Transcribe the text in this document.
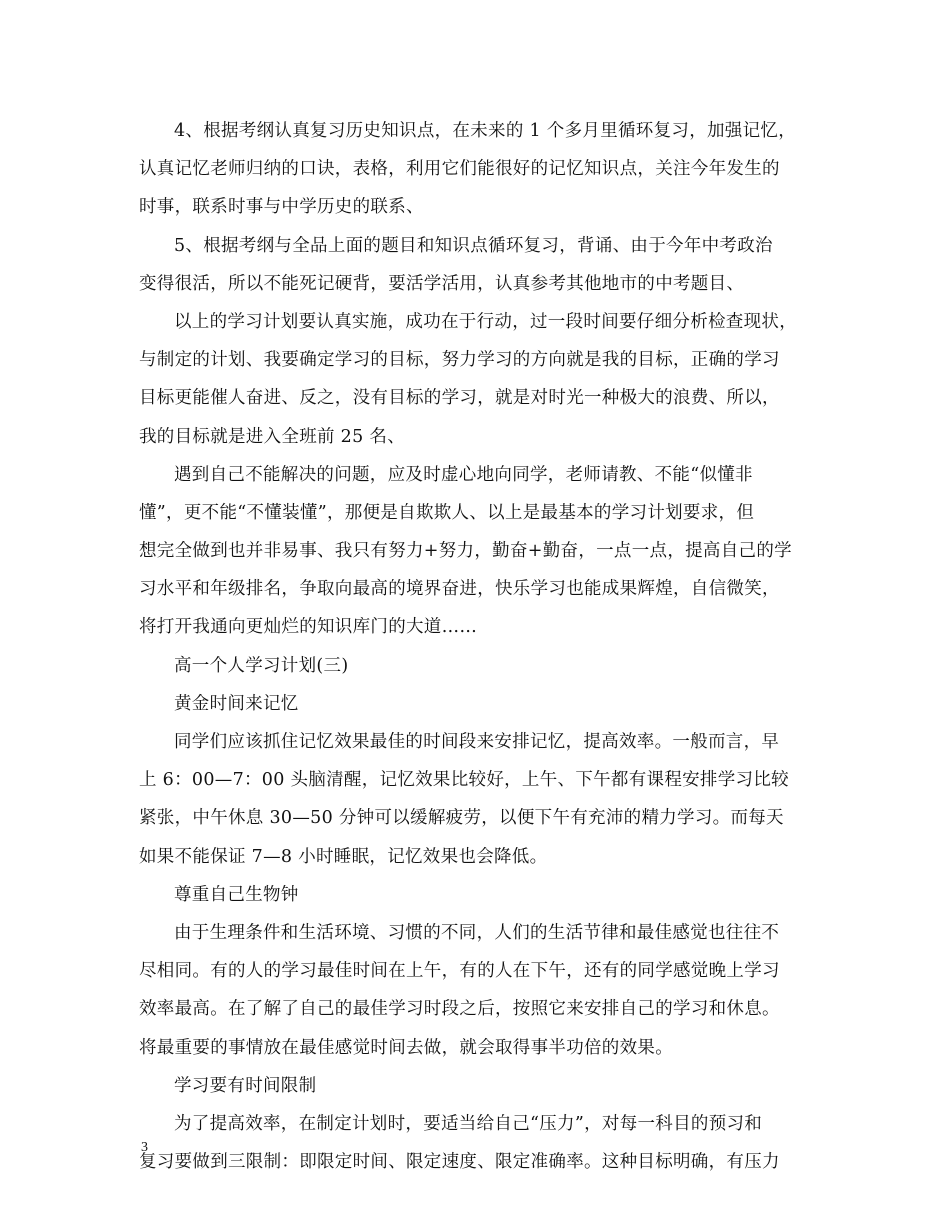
4、根据考纲认真复习历史知识点，在未来的 1 个多月里循环复习，加强记忆，
认真记忆老师归纳的口诀，表格，利用它们能很好的记忆知识点，关注今年发生的
时事，联系时事与中学历史的联系、
5、根据考纲与全品上面的题目和知识点循环复习，背诵、由于今年中考政治
变得很活，所以不能死记硬背，要活学活用，认真参考其他地市的中考题目、
以上的学习计划要认真实施，成功在于行动，过一段时间要仔细分析检查现状，
与制定的计划、我要确定学习的目标，努力学习的方向就是我的目标，正确的学习
目标更能催人奋进、反之，没有目标的学习，就是对时光一种极大的浪费、所以，
我的目标就是进入全班前 25 名、
遇到自己不能解决的问题，应及时虚心地向同学，老师请教、不能“似懂非
懂”，更不能“不懂装懂”，那便是自欺欺人、以上是最基本的学习计划要求，但
想完全做到也并非易事、我只有努力+努力，勤奋+勤奋，一点一点，提高自己的学
习水平和年级排名，争取向最高的境界奋进，快乐学习也能成果辉煌，自信微笑，
将打开我通向更灿烂的知识库门的大道……
高一个人学习计划(三)
黄金时间来记忆
同学们应该抓住记忆效果最佳的时间段来安排记忆，提高效率。一般而言，早
上 6：00—7：00 头脑清醒，记忆效果比较好，上午、下午都有课程安排学习比较
紧张，中午休息 30—50 分钟可以缓解疲劳，以便下午有充沛的精力学习。而每天
如果不能保证 7—8 小时睡眠，记忆效果也会降低。
尊重自己生物钟
由于生理条件和生活环境、习惯的不同，人们的生活节律和最佳感觉也往往不
尽相同。有的人的学习最佳时间在上午，有的人在下午，还有的同学感觉晚上学习
效率最高。在了解了自己的最佳学习时段之后，按照它来安排自己的学习和休息。
将最重要的事情放在最佳感觉时间去做，就会取得事半功倍的效果。
学习要有时间限制
为了提高效率，在制定计划时，要适当给自己“压力”，对每一科目的预习和
复习要做到三限制：即限定时间、限定速度、限定准确率。这种目标明确，有压力
3
